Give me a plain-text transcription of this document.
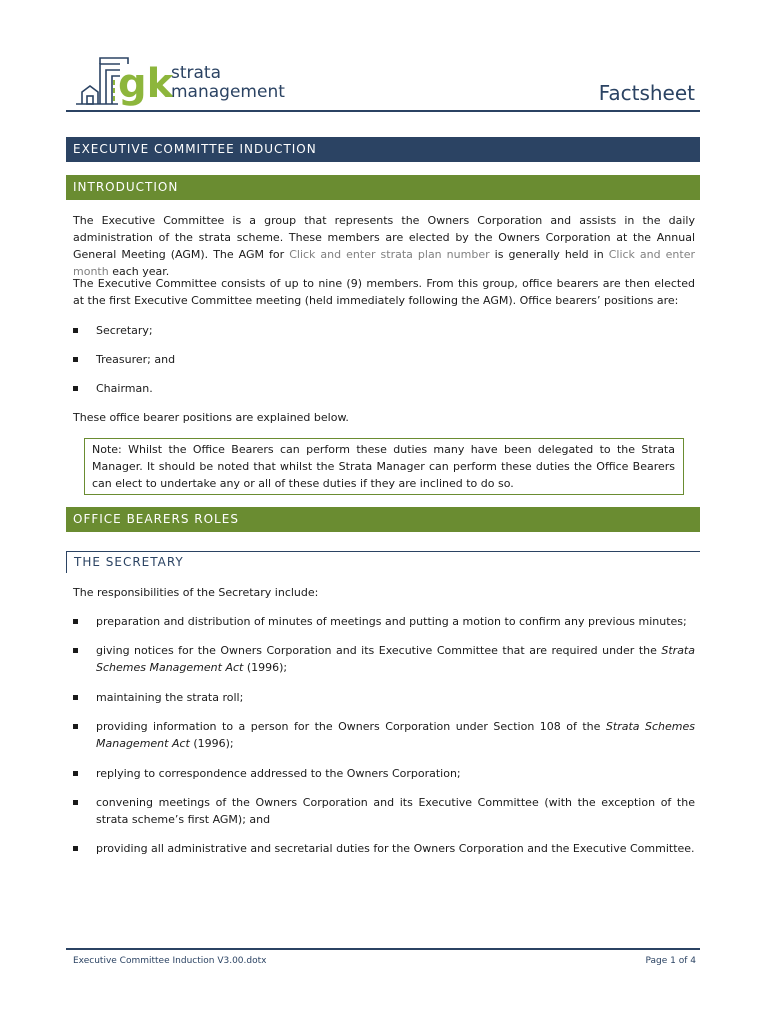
gk
strata
management	Factsheet
EXECUTIVE COMMITTEE INDUCTION
INTRODUCTION
The Executive Committee is a group that represents the Owners Corporation and assists in the daily administration of the strata scheme. These members are elected by the Owners Corporation at the Annual General Meeting (AGM). The AGM for Click and enter strata plan number is generally held in Click and enter month each year.
The Executive Committee consists of up to nine (9) members. From this group, office bearers are then elected at the first Executive Committee meeting (held immediately following the AGM). Office bearers’ positions are:
Secretary;
Treasurer; and
Chairman.
These office bearer positions are explained below.
Note: Whilst the Office Bearers can perform these duties many have been delegated to the Strata Manager. It should be noted that whilst the Strata Manager can perform these duties the Office Bearers can elect to undertake any or all of these duties if they are inclined to do so.
OFFICE BEARERS ROLES
THE SECRETARY
The responsibilities of the Secretary include:
preparation and distribution of minutes of meetings and putting a motion to confirm any previous minutes;
giving notices for the Owners Corporation and its Executive Committee that are required under the Strata Schemes Management Act (1996);
maintaining the strata roll;
providing information to a person for the Owners Corporation under Section 108 of the Strata Schemes Management Act (1996);
replying to correspondence addressed to the Owners Corporation;
convening meetings of the Owners Corporation and its Executive Committee (with the exception of the strata scheme’s first AGM); and
providing all administrative and secretarial duties for the Owners Corporation and the Executive Committee.
Executive Committee Induction V3.00.dotx	Page 1 of 4
